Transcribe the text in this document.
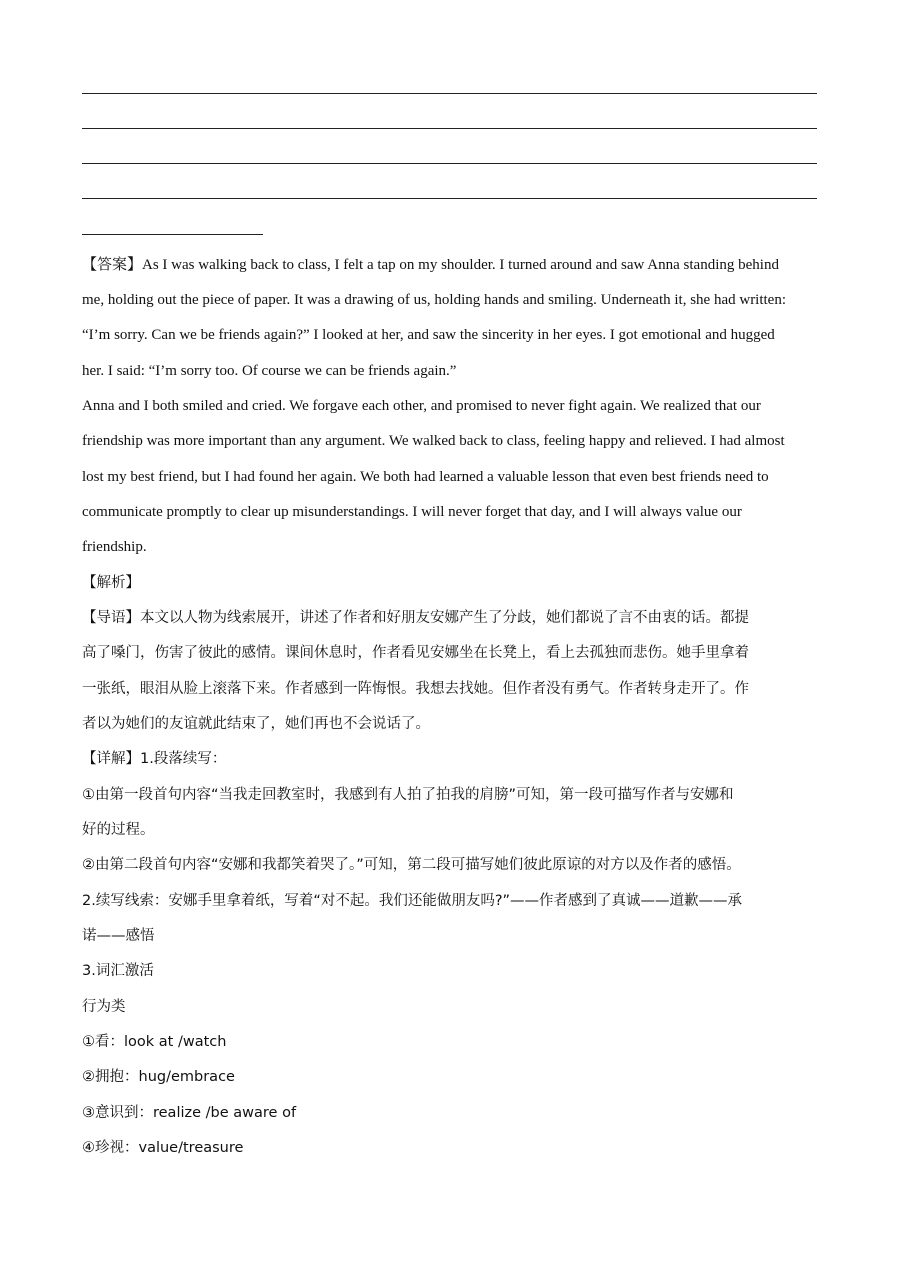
【答案】As I was walking back to class, I felt a tap on my shoulder. I turned around and saw Anna standing behind
me, holding out the piece of paper. It was a drawing of us, holding hands and smiling. Underneath it, she had written:
“I’m sorry. Can we be friends again?” I looked at her, and saw the sincerity in her eyes. I got emotional and hugged
her. I said: “I’m sorry too. Of course we can be friends again.”
Anna and I both smiled and cried. We forgave each other, and promised to never fight again. We realized that our
friendship was more important than any argument. We walked back to class, feeling happy and relieved. I had almost
lost my best friend, but I had found her again. We both had learned a valuable lesson that even best friends need to
communicate promptly to clear up misunderstandings. I will never forget that day, and I will always value our
friendship.
【解析】
【导语】本文以人物为线索展开，讲述了作者和好朋友安娜产生了分歧，她们都说了言不由衷的话。都提
高了嗓门，伤害了彼此的感情。课间休息时，作者看见安娜坐在长凳上，看上去孤独而悲伤。她手里拿着
一张纸，眼泪从脸上滚落下来。作者感到一阵悔恨。我想去找她。但作者没有勇气。作者转身走开了。作
者以为她们的友谊就此结束了，她们再也不会说话了。
【详解】1.段落续写：
①由第一段首句内容“当我走回教室时，我感到有人拍了拍我的肩膀”可知，第一段可描写作者与安娜和
好的过程。
②由第二段首句内容“安娜和我都笑着哭了。”可知，第二段可描写她们彼此原谅的对方以及作者的感悟。
2.续写线索：安娜手里拿着纸，写着“对不起。我们还能做朋友吗?”——作者感到了真诚——道歉——承
诺——感悟
3.词汇激活
行为类
①看：look at /watch
②拥抱：hug/embrace
③意识到：realize /be aware of
④珍视：value/treasure
